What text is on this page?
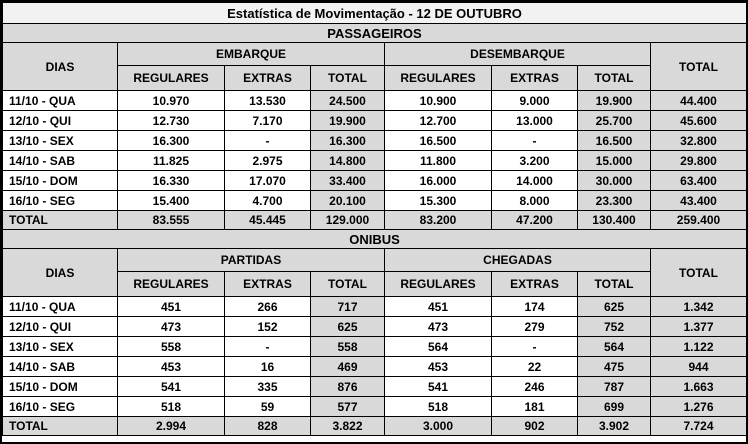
Estatística de Movimentação - 12 DE OUTUBRO							
PASSAGEIROS							
DIAS	EMBARQUE			DESEMBARQUE			TOTAL
	REGULARES	EXTRAS	TOTAL	REGULARES	EXTRAS	TOTAL	
11/10 - QUA	10.970	13.530	24.500	10.900	9.000	19.900	44.400
12/10 - QUI	12.730	7.170	19.900	12.700	13.000	25.700	45.600
13/10 - SEX	16.300	-	16.300	16.500	-	16.500	32.800
14/10 - SAB	11.825	2.975	14.800	11.800	3.200	15.000	29.800
15/10 - DOM	16.330	17.070	33.400	16.000	14.000	30.000	63.400
16/10 - SEG	15.400	4.700	20.100	15.300	8.000	23.300	43.400
TOTAL	83.555	45.445	129.000	83.200	47.200	130.400	259.400
ONIBUS							
DIAS	PARTIDAS			CHEGADAS			TOTAL
	REGULARES	EXTRAS	TOTAL	REGULARES	EXTRAS	TOTAL	
11/10 - QUA	451	266	717	451	174	625	1.342
12/10 - QUI	473	152	625	473	279	752	1.377
13/10 - SEX	558	-	558	564	-	564	1.122
14/10 - SAB	453	16	469	453	22	475	944
15/10 - DOM	541	335	876	541	246	787	1.663
16/10 - SEG	518	59	577	518	181	699	1.276
TOTAL	2.994	828	3.822	3.000	902	3.902	7.724
